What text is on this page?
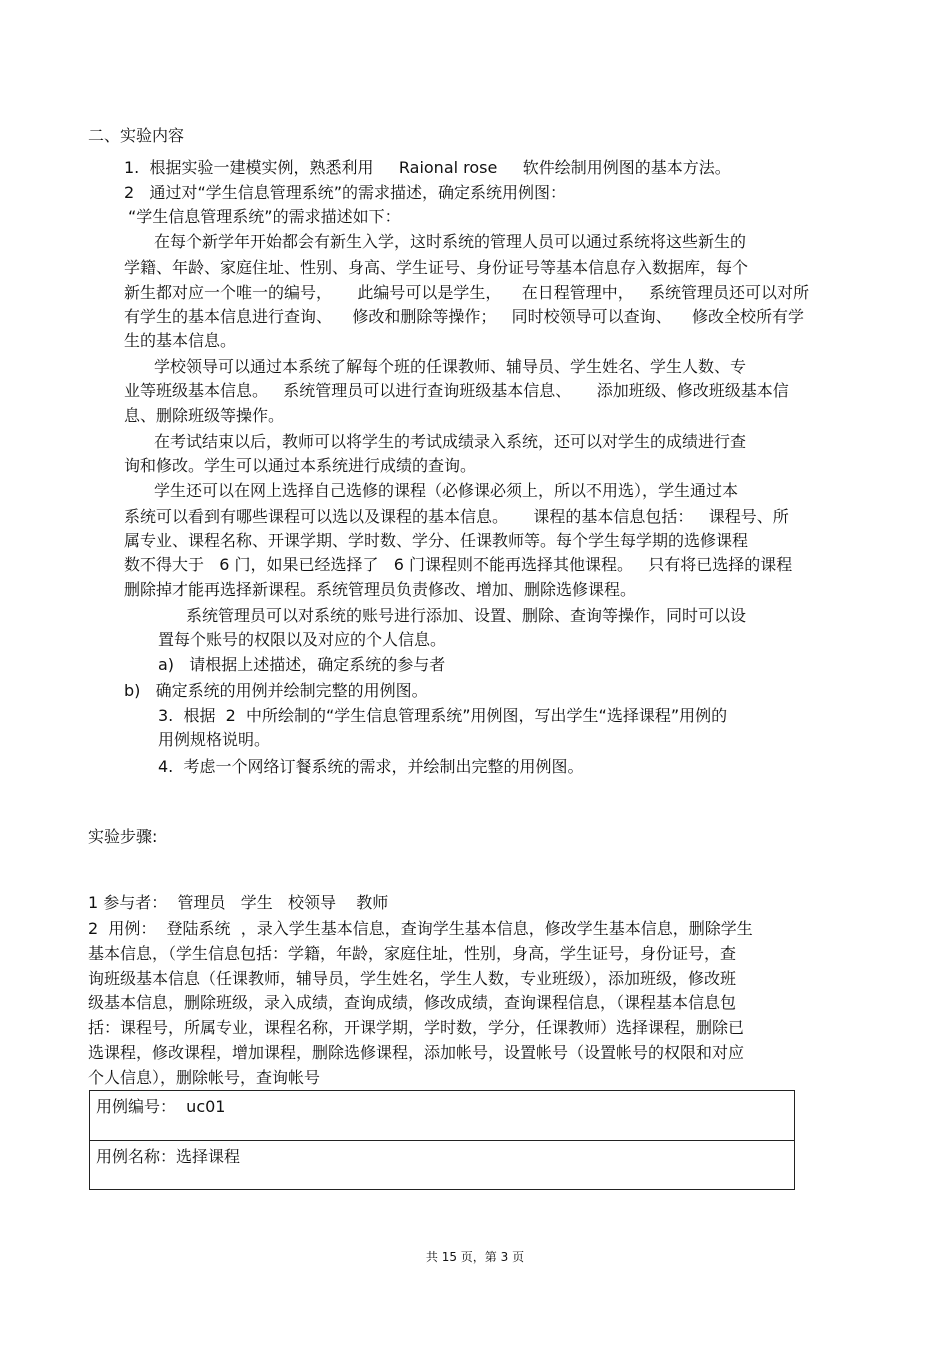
二、实验内容
1.  根据实验一建模实例，熟悉利用     Raional rose     软件绘制用例图的基本方法。
2   通过对“学生信息管理系统”的需求描述，确定系统用例图：
“学生信息管理系统”的需求描述如下：
在每个新学年开始都会有新生入学，这时系统的管理人员可以通过系统将这些新生的
学籍、年龄、家庭住址、性别、身高、学生证号、身份证号等基本信息存入数据库，每个
新生都对应一个唯一的编号，     此编号可以是学生，    在日程管理中，   系统管理员还可以对所
有学生的基本信息进行查询、    修改和删除等操作；   同时校领导可以查询、    修改全校所有学
生的基本信息。
学校领导可以通过本系统了解每个班的任课教师、辅导员、学生姓名、学生人数、专
业等班级基本信息。   系统管理员可以进行查询班级基本信息、     添加班级、修改班级基本信
息、删除班级等操作。
在考试结束以后，教师可以将学生的考试成绩录入系统，还可以对学生的成绩进行查
询和修改。学生可以通过本系统进行成绩的查询。
学生还可以在网上选择自己选修的课程（必修课必须上，所以不用选），学生通过本
系统可以看到有哪些课程可以选以及课程的基本信息。     课程的基本信息包括：   课程号、所
属专业、课程名称、开课学期、学时数、学分、任课教师等。每个学生每学期的选修课程
数不得大于   6 门，如果已经选择了   6 门课程则不能再选择其他课程。   只有将已选择的课程
删除掉才能再选择新课程。系统管理员负责修改、增加、删除选修课程。
系统管理员可以对系统的账号进行添加、设置、删除、查询等操作，同时可以设
置每个账号的权限以及对应的个人信息。
a)   请根据上述描述，确定系统的参与者
b)   确定系统的用例并绘制完整的用例图。
3.  根据  2  中所绘制的“学生信息管理系统”用例图，写出学生“选择课程”用例的
用例规格说明。
4.  考虑一个网络订餐系统的需求，并绘制出完整的用例图。
实验步骤:
1 参与者：  管理员   学生   校领导    教师
2  用例：  登陆系统  ，录入学生基本信息，查询学生基本信息，修改学生基本信息，删除学生
基本信息，（学生信息包括：学籍，年龄，家庭住址，性别，身高，学生证号，身份证号，查
询班级基本信息（任课教师，辅导员，学生姓名，学生人数，专业班级），添加班级，修改班
级基本信息，删除班级，录入成绩，查询成绩，修改成绩，查询课程信息，（课程基本信息包
括：课程号，所属专业，课程名称，开课学期，学时数，学分，任课教师）选择课程，删除已
选课程，修改课程，增加课程，删除选修课程，添加帐号，设置帐号（设置帐号的权限和对应
个人信息），删除帐号，查询帐号
用例编号：  uc01
用例名称：选择课程
共 15 页，第 3 页
